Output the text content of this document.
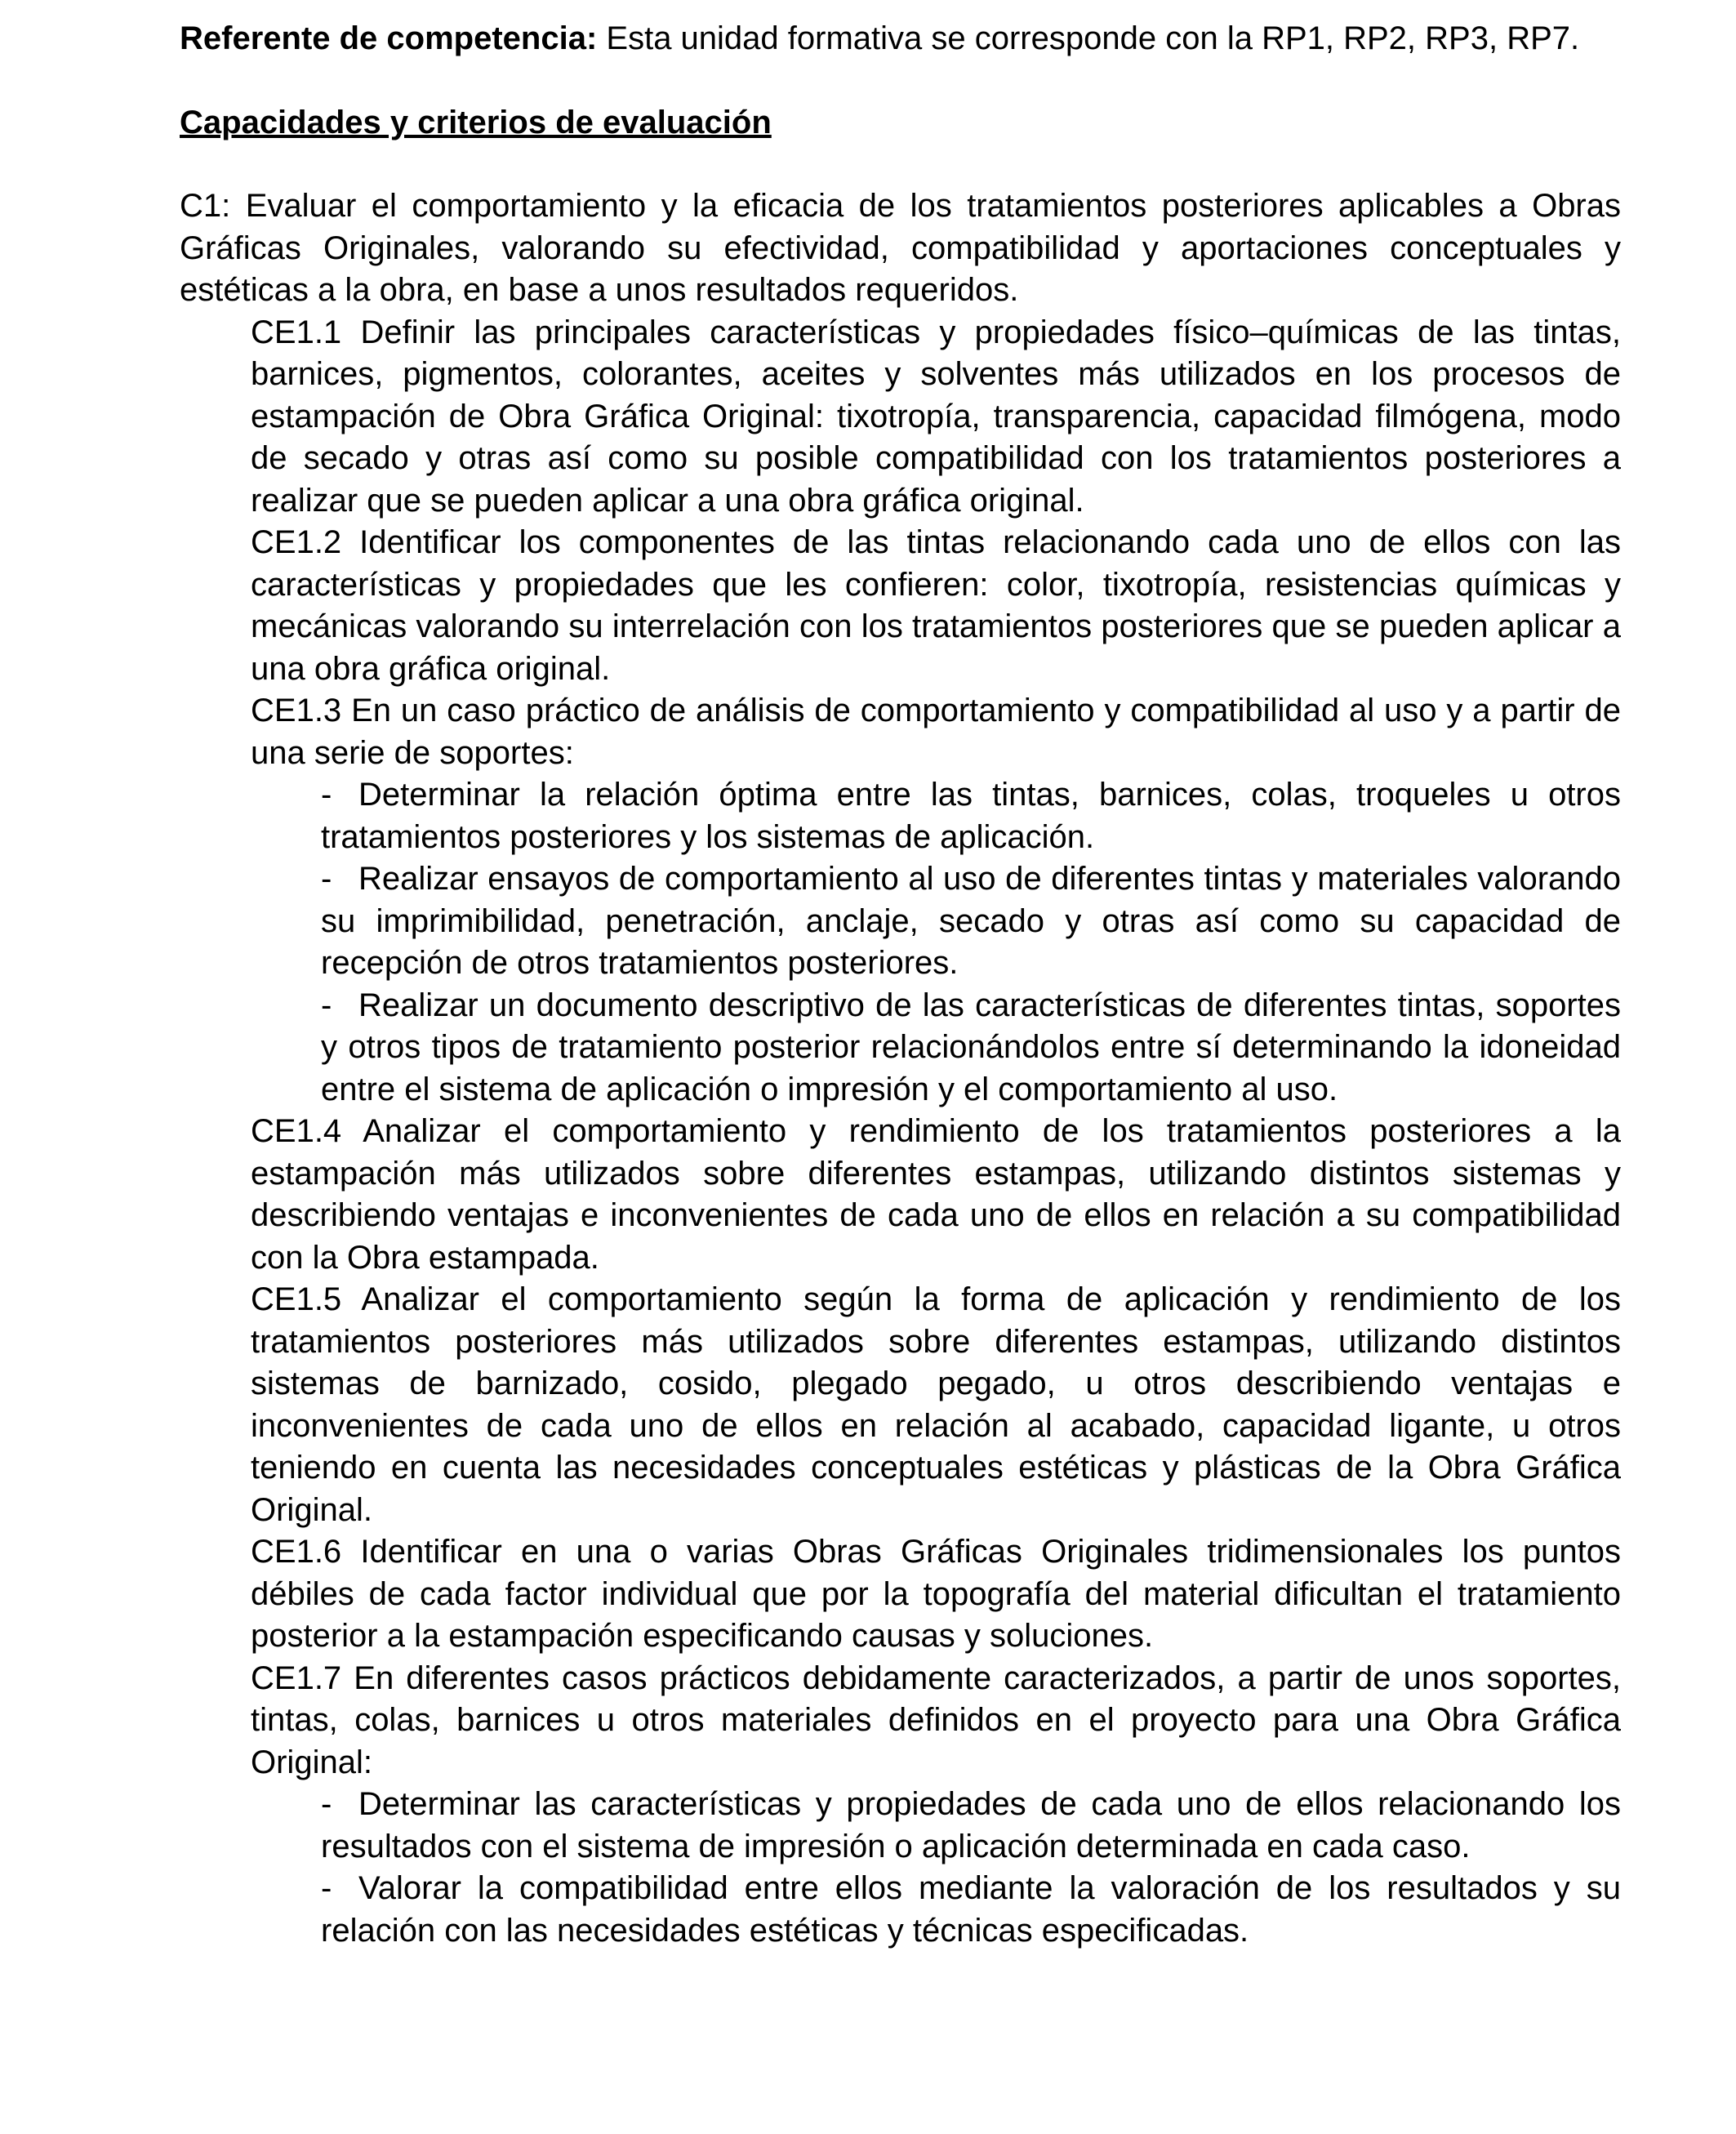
Referente de competencia: Esta unidad formativa se corresponde con la RP1, RP2, RP3, RP7.

Capacidades y criterios de evaluación

C1: Evaluar el comportamiento y la eficacia de los tratamientos posteriores aplicables a Obras Gráficas Originales, valorando su efectividad, compatibilidad y aportaciones conceptuales y estéticas a la obra, en base a unos resultados requeridos.

CE1.1 Definir las principales características y propiedades físico–químicas de las tintas, barnices, pigmentos, colorantes, aceites y solventes más utilizados en los procesos de estampación de Obra Gráfica Original: tixotropía, transparencia, capacidad filmógena, modo de secado y otras así como su posible compatibilidad con los tratamientos posteriores a realizar que se pueden aplicar a una obra gráfica original.

CE1.2 Identificar los componentes de las tintas relacionando cada uno de ellos con las características y propiedades que les confieren: color, tixotropía, resistencias químicas y mecánicas valorando su interrelación con los tratamientos posteriores que se pueden aplicar a una obra gráfica original.

CE1.3 En un caso práctico de análisis de comportamiento y compatibilidad al uso y a partir de una serie de soportes:

- Determinar la relación óptima entre las tintas, barnices, colas, troqueles u otros tratamientos posteriores y los sistemas de aplicación.

- Realizar ensayos de comportamiento al uso de diferentes tintas y materiales valorando su imprimibilidad, penetración, anclaje, secado y otras así como su capacidad de recepción de otros tratamientos posteriores.

- Realizar un documento descriptivo de las características de diferentes tintas, soportes y otros tipos de tratamiento posterior relacionándolos entre sí determinando la idoneidad entre el sistema de aplicación o impresión y el comportamiento al uso.

CE1.4 Analizar el comportamiento y rendimiento de los tratamientos posteriores a la estampación más utilizados sobre diferentes estampas, utilizando distintos sistemas y describiendo ventajas e inconvenientes de cada uno de ellos en relación a su compatibilidad con la Obra estampada.

CE1.5 Analizar el comportamiento según la forma de aplicación y rendimiento de los tratamientos posteriores más utilizados sobre diferentes estampas, utilizando distintos sistemas de barnizado, cosido, plegado pegado, u otros describiendo ventajas e inconvenientes de cada uno de ellos en relación al acabado, capacidad ligante, u otros teniendo en cuenta las necesidades conceptuales estéticas y plásticas de la Obra Gráfica Original.

CE1.6 Identificar en una o varias Obras Gráficas Originales tridimensionales los puntos débiles de cada factor individual que por la topografía del material dificultan el tratamiento posterior a la estampación especificando causas y soluciones.

CE1.7 En diferentes casos prácticos debidamente caracterizados, a partir de unos soportes, tintas, colas, barnices u otros materiales definidos en el proyecto para una Obra Gráfica Original:

- Determinar las características y propiedades de cada uno de ellos relacionando los resultados con el sistema de impresión o aplicación determinada en cada caso.

- Valorar la compatibilidad entre ellos mediante la valoración de los resultados y su relación con las necesidades estéticas y técnicas especificadas.
